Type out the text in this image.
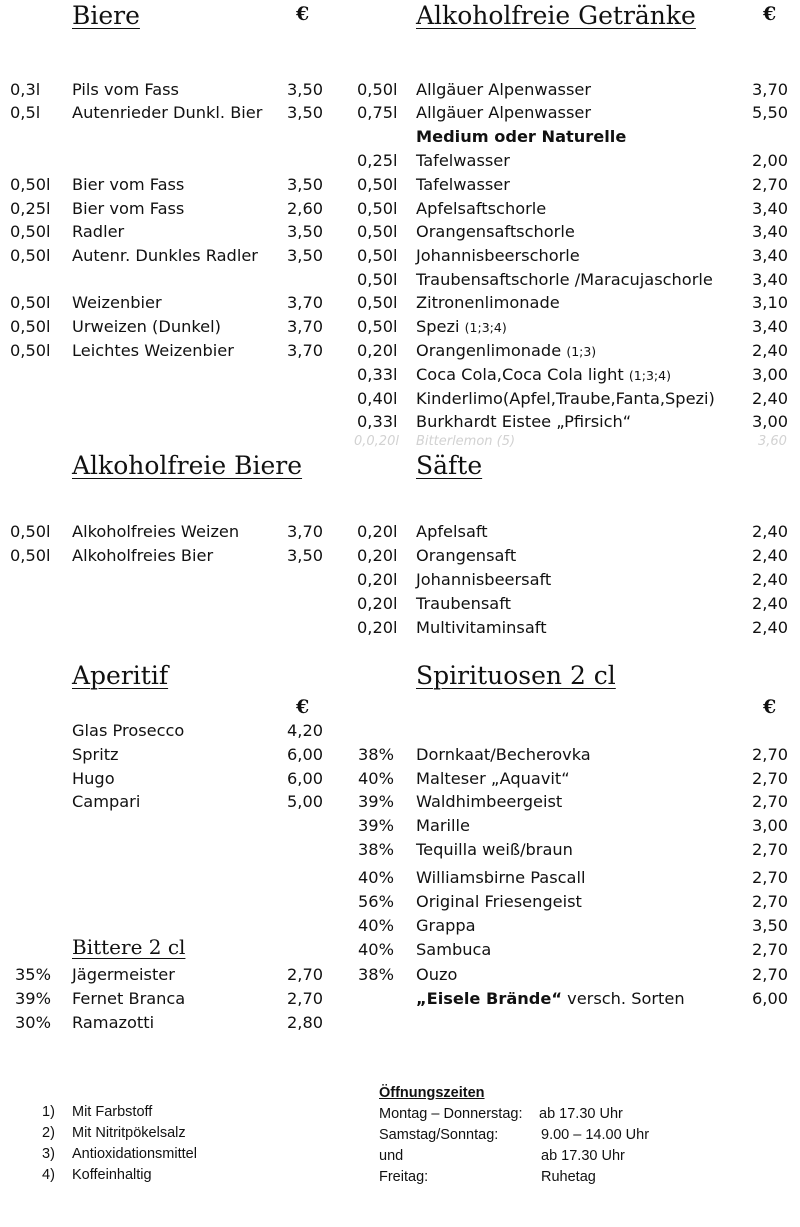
Biere	€	Alkoholfreie Getränke	€
Alkoholfreie Biere	Säfte
Aperitif
€
Spirituosen 2 cl
€
Bittere 2 cl
0,3l Pils vom Fass	3,50
0,5l Autenrieder Dunkl. Bier 3,50
0,50l Bier vom Fass	3,50
0,25l Bier vom Fass	2,60
0,50l Radler	3,50
0,50l Autenr. Dunkles Radler 3,50
0,50l Weizenbier	3,70
0,50l Urweizen (Dunkel)	3,70
0,50l Leichtes Weizenbier	3,70
0,50l Allgäuer Alpenwasser	3,70
0,75l Allgäuer Alpenwasser	5,50
Medium oder Naturelle
0,25l Tafelwasser	2,00
0,50l Tafelwasser	2,70
0,50l Apfelsaftschorle	3,40
0,50l Orangensaftschorle	3,40
0,50l Johannisbeerschorle	3,40
0,50l Traubensaftschorle /Maracujaschorle 3,40
0,50l Zitronenlimonade	3,10
0,50l Spezi (1;3;4)	3,40
0,20l Orangenlimonade (1;3)	2,40
0,33l Coca Cola,Coca Cola light (1;3;4)	3,00
0,40l Kinderlimo(Apfel,Traube,Fanta,Spezi) 2,40
0,33l Burkhardt Eistee „Pfirsich“	3,00
0,0,20l Bitterlemon (5)	3,60
0,50l Alkoholfreies Weizen	3,70
0,50l Alkoholfreies Bier	3,50
0,20l Apfelsaft	2,40
0,20l Orangensaft	2,40
0,20l Johannisbeersaft	2,40
0,20l Traubensaft	2,40
0,20l Multivitaminsaft	2,40
Glas Prosecco	4,20
Spritz	6,00
Hugo	6,00
Campari	5,00
35% Jägermeister	2,70
39% Fernet Branca	2,70
30% Ramazotti	2,80
38% Dornkaat/Becherovka	2,70
40% Malteser „Aquavit“	2,70
39% Waldhimbeergeist	2,70
39% Marille	3,00
38% Tequilla weiß/braun	2,70
40% Williamsbirne Pascall	2,70
56% Original Friesengeist	2,70
40% Grappa	3,50
40% Sambuca	2,70
38% Ouzo	2,70
„Eisele Brände“ versch. Sorten	6,00
1) Mit Farbstoff
2) Mit Nitritpökelsalz
3) Antioxidationsmittel
4) Koffeinhaltig
Öffnungszeiten
Montag – Donnerstag: ab 17.30 Uhr
Samstag/Sonntag:	9.00 – 14.00 Uhr
und	ab 17.30 Uhr
Freitag:	Ruhetag
